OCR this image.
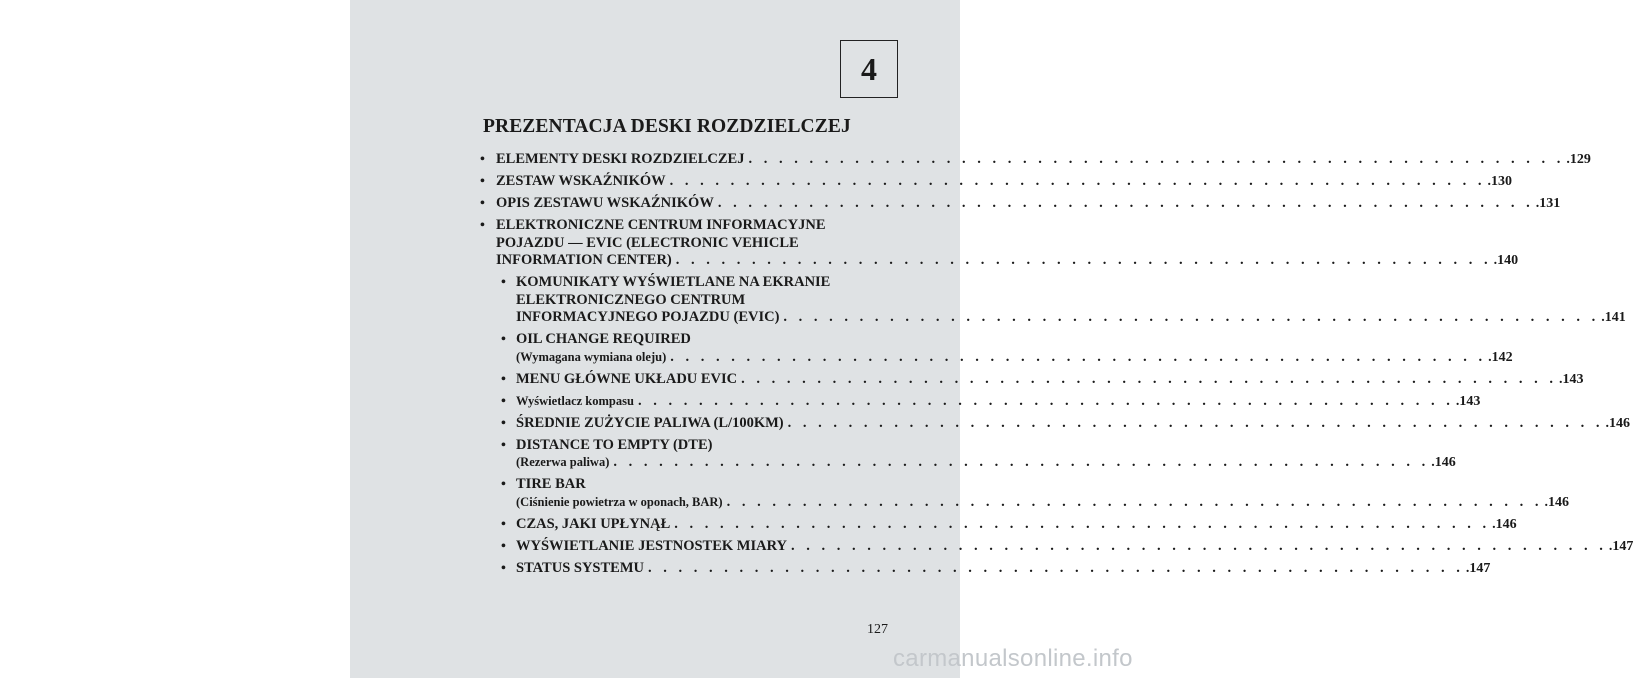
4
PREZENTACJA DESKI ROZDZIELCZEJ
• ELEMENTY DESKI ROZDZIELCZEJ . . .	.129
• ZESTAW WSKAŹNIKÓW . . .	.130
• OPIS ZESTAWU WSKAŹNIKÓW . . .	.131
• ELEKTRONICZNE CENTRUM INFORMACYJNE
POJAZDU — EVIC (ELECTRONIC VEHICLE
INFORMATION CENTER) . . .	.140
• KOMUNIKATY WYŚWIETLANE NA EKRANIE
ELEKTRONICZNEGO CENTRUM
INFORMACYJNEGO POJAZDU (EVIC) . . .	.141
• OIL CHANGE REQUIRED
(Wymagana wymiana oleju) . . .	.142
• MENU GŁÓWNE UKŁADU EVIC . . .	.143
• Wyświetlacz kompasu . . .	.143
• ŚREDNIE ZUŻYCIE PALIWA (L/100KM) . . .	.146
• DISTANCE TO EMPTY (DTE)
(Rezerwa paliwa) . . .	.146
• TIRE BAR
(Ciśnienie powietrza w oponach, BAR) . . .	.146
• CZAS, JAKI UPŁYNĄŁ . . .	.146
• WYŚWIETLANIE JESTNOSTEK MIARY . . .	.147
• STATUS SYSTEMU . . .	.147
127
carmanualsonline.info
